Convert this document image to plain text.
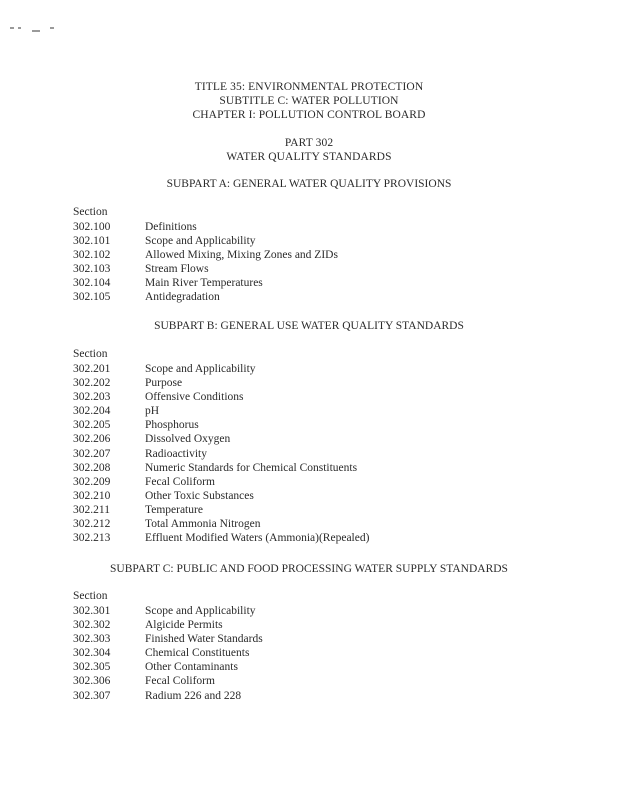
TITLE 35: ENVIRONMENTAL PROTECTION
SUBTITLE C: WATER POLLUTION
CHAPTER I: POLLUTION CONTROL BOARD
PART 302
WATER QUALITY STANDARDS
SUBPART A: GENERAL WATER QUALITY PROVISIONS
Section
302.100	Definitions
302.101	Scope and Applicability
302.102	Allowed Mixing, Mixing Zones and ZIDs
302.103	Stream Flows
302.104	Main River Temperatures
302.105	Antidegradation
SUBPART B: GENERAL USE WATER QUALITY STANDARDS
Section
302.201	Scope and Applicability
302.202	Purpose
302.203	Offensive Conditions
302.204	pH
302.205	Phosphorus
302.206	Dissolved Oxygen
302.207	Radioactivity
302.208	Numeric Standards for Chemical Constituents
302.209	Fecal Coliform
302.210	Other Toxic Substances
302.211	Temperature
302.212	Total Ammonia Nitrogen
302.213	Effluent Modified Waters (Ammonia)(Repealed)
SUBPART C: PUBLIC AND FOOD PROCESSING WATER SUPPLY STANDARDS
Section
302.301	Scope and Applicability
302.302	Algicide Permits
302.303	Finished Water Standards
302.304	Chemical Constituents
302.305	Other Contaminants
302.306	Fecal Coliform
302.307	Radium 226 and 228
